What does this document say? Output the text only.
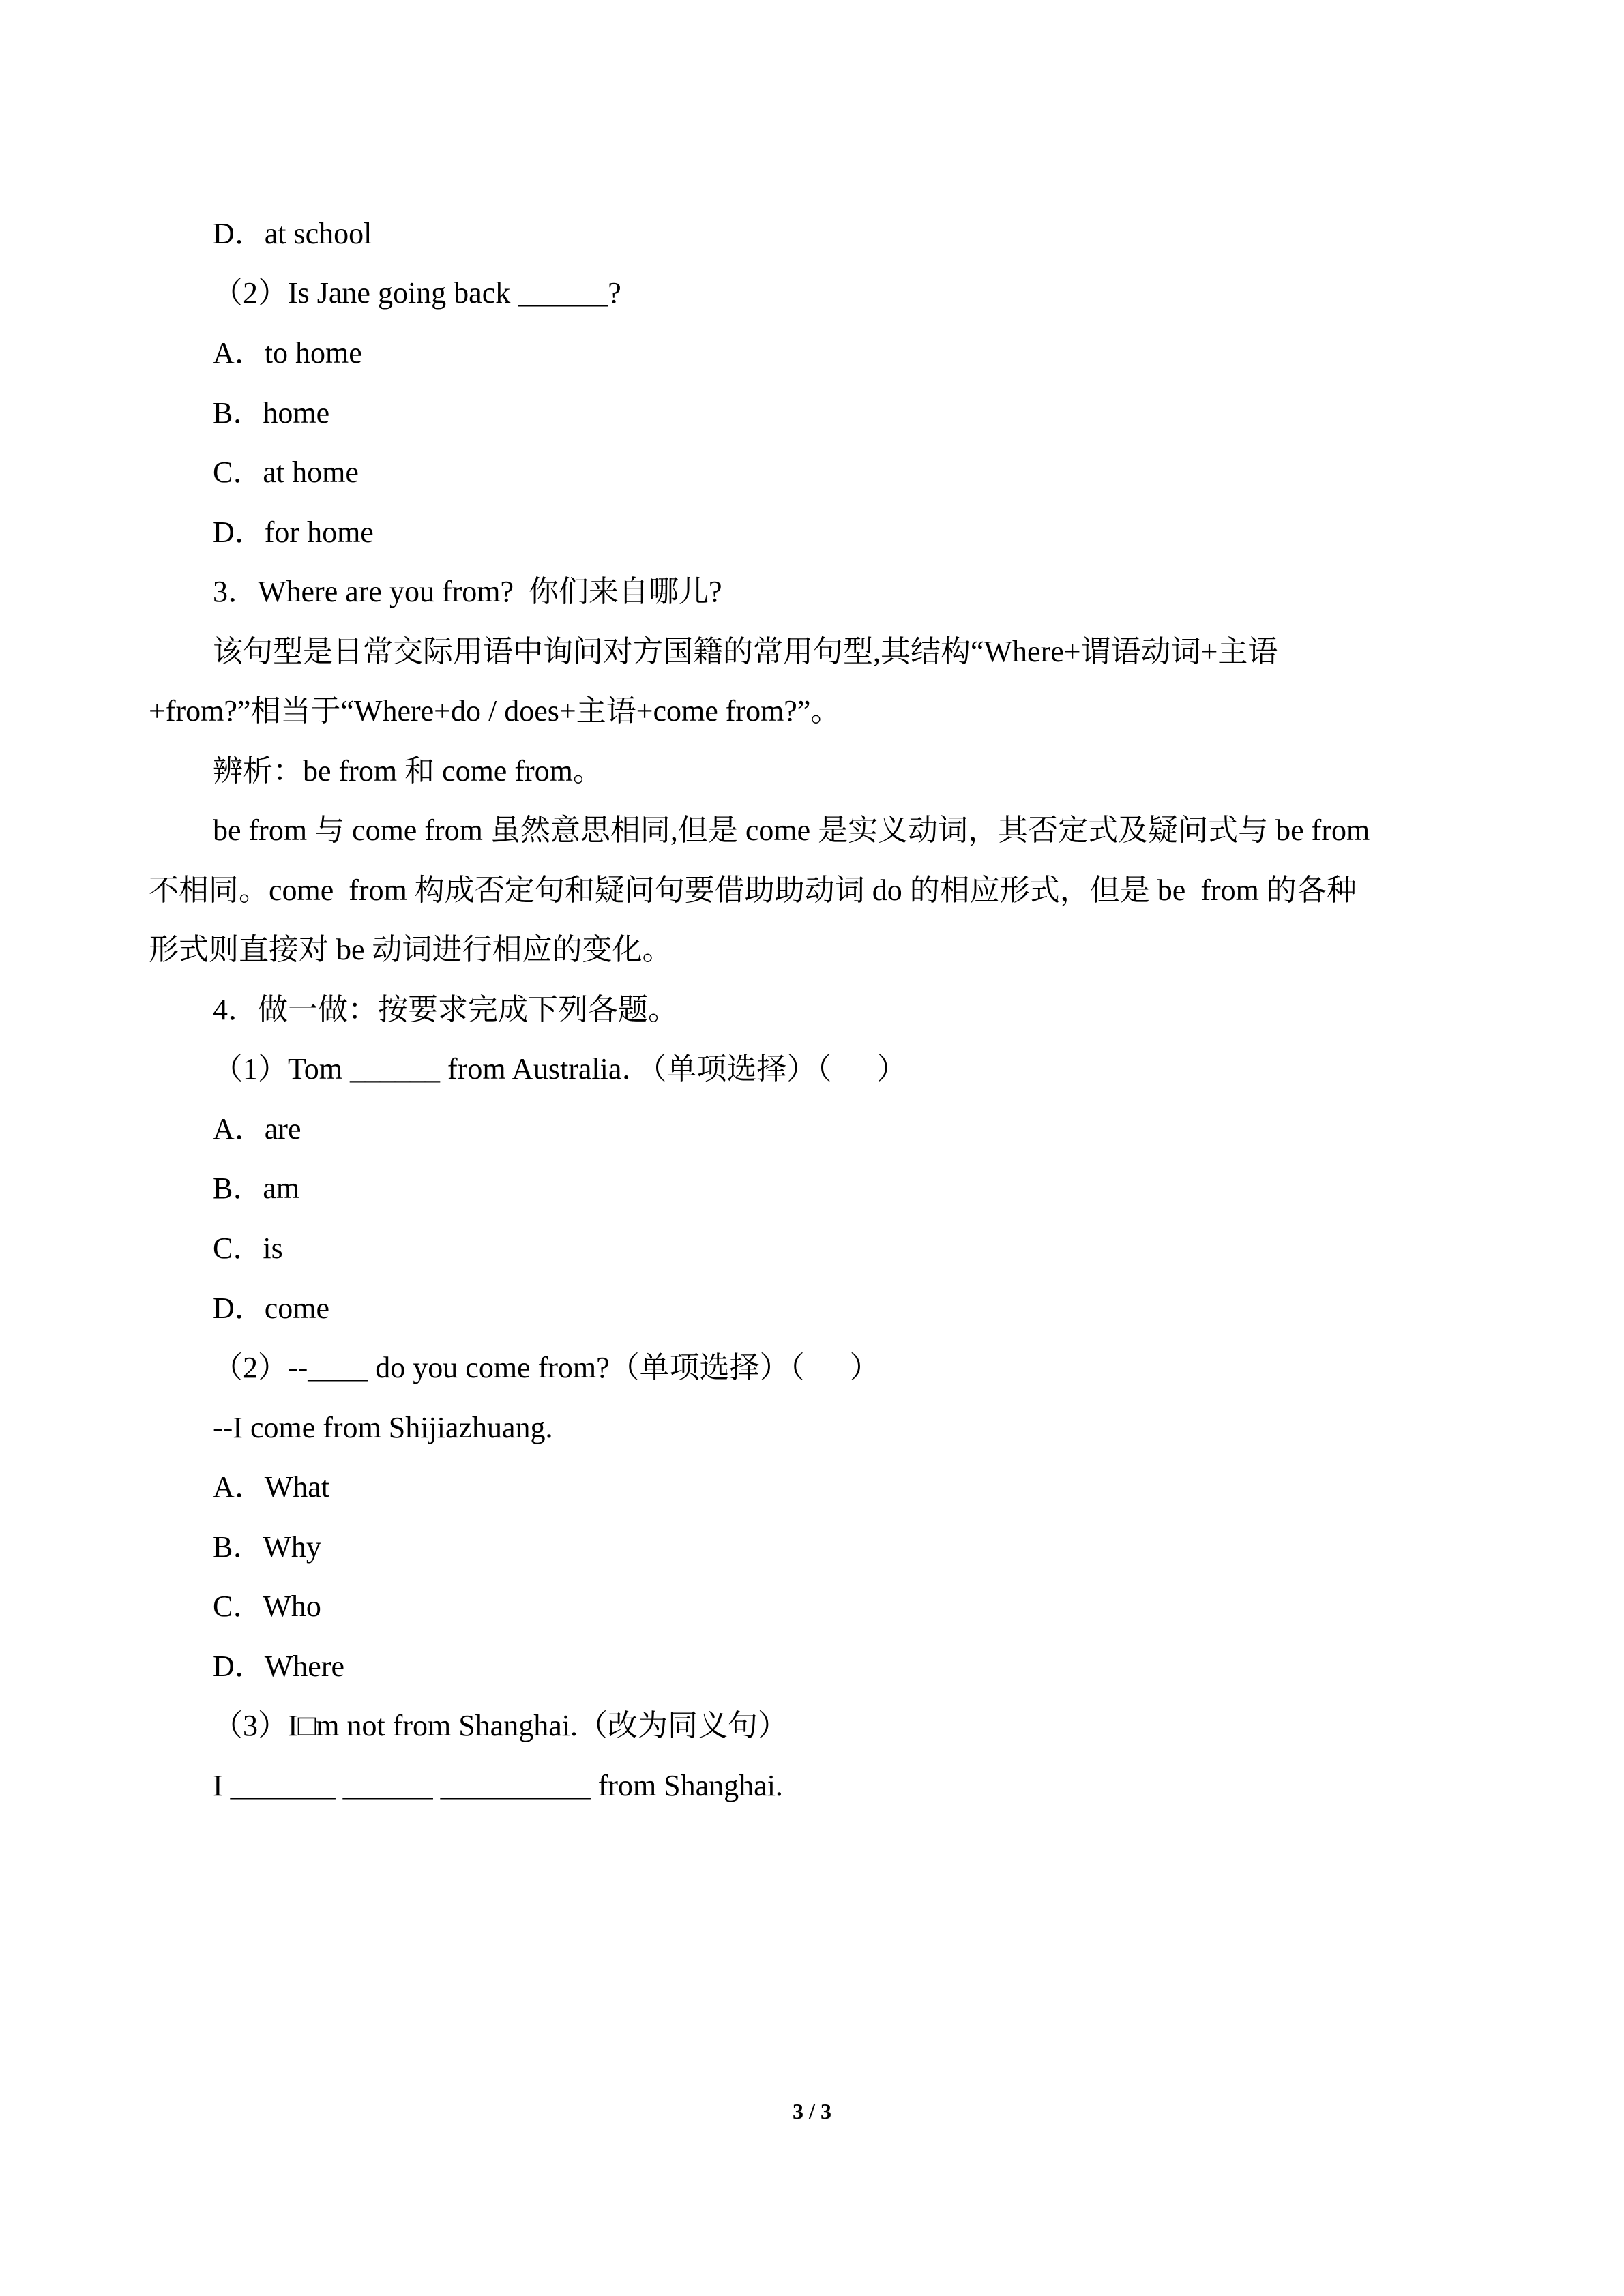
D．at school
（2）Is Jane going back ＿＿＿?
A．to home
B．home
C．at home
D．for home
3．Where are you from?  你们来自哪儿?
该句型是日常交际用语中询问对方国籍的常用句型,其结构“Where+谓语动词+主语
+from?”相当于“Where+do / does+主语+come from?”。
辨析：be from 和 come from。
be from 与 come from 虽然意思相同,但是 come 是实义动词，其否定式及疑问式与 be from
不相同。come  from 构成否定句和疑问句要借助助动词 do 的相应形式，但是 be  from 的各种
形式则直接对 be 动词进行相应的变化。
4．做一做：按要求完成下列各题。
（1）Tom ______ from Australia．（单项选择）（      ）
A．are
B．am
C．is
D．come
（2）--____ do you come from?（单项选择）（      ）
--I come from Shijiazhuang.
A．What
B．Why
C．Who
D．Where
（3）I□m not from Shanghai.（改为同义句）
I _______ ______ __________ from Shanghai.
3 / 3
